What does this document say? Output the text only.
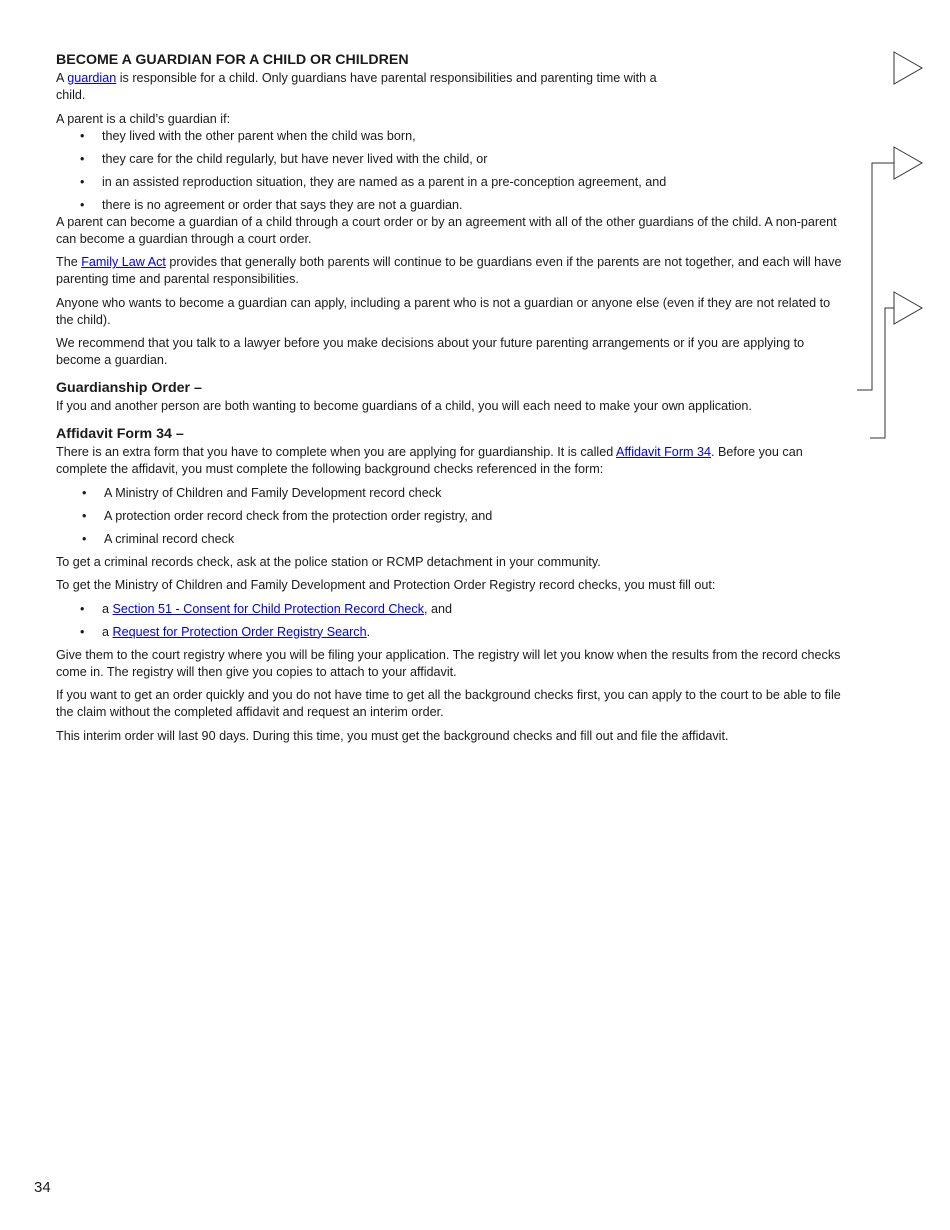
BECOME A GUARDIAN FOR A CHILD OR CHILDREN

A guardian is responsible for a child. Only guardians have parental responsibilities and parenting time with a
child.

A parent is a child’s guardian if:

• they lived with the other parent when the child was born,
• they care for the child regularly, but have never lived with the child, or
• in an assisted reproduction situation, they are named as a parent in a pre-conception agreement, and
• there is no agreement or order that says they are not a guardian.

A parent can become a guardian of a child through a court order or by an agreement with all of the other guardians of the child. A non-parent can become a guardian through a court order.

The Family Law Act provides that generally both parents will continue to be guardians even if the parents are not together, and each will have parenting time and parental responsibilities.

Anyone who wants to become a guardian can apply, including a parent who is not a guardian or anyone else (even if they are not related to the child).

We recommend that you talk to a lawyer before you make decisions about your future parenting arrangements or if you are applying to become a guardian.

Guardianship Order –

If you and another person are both wanting to become guardians of a child, you will each need to make your own application.

Affidavit Form 34 –

There is an extra form that you have to complete when you are applying for guardianship. It is called Affidavit Form 34. Before you can complete the affidavit, you must complete the following background checks referenced in the form:

• A Ministry of Children and Family Development record check
• A protection order record check from the protection order registry, and
• A criminal record check

To get a criminal records check, ask at the police station or RCMP detachment in your community.

To get the Ministry of Children and Family Development and Protection Order Registry record checks, you must fill out:

• a Section 51 - Consent for Child Protection Record Check, and
• a Request for Protection Order Registry Search.

Give them to the court registry where you will be filing your application. The registry will let you know when the results from the record checks come in. The registry will then give you copies to attach to your affidavit.

If you want to get an order quickly and you do not have time to get all the background checks first, you can apply to the court to be able to file the claim without the completed affidavit and request an interim order.

This interim order will last 90 days. During this time, you must get the background checks and fill out and file the affidavit.

34
